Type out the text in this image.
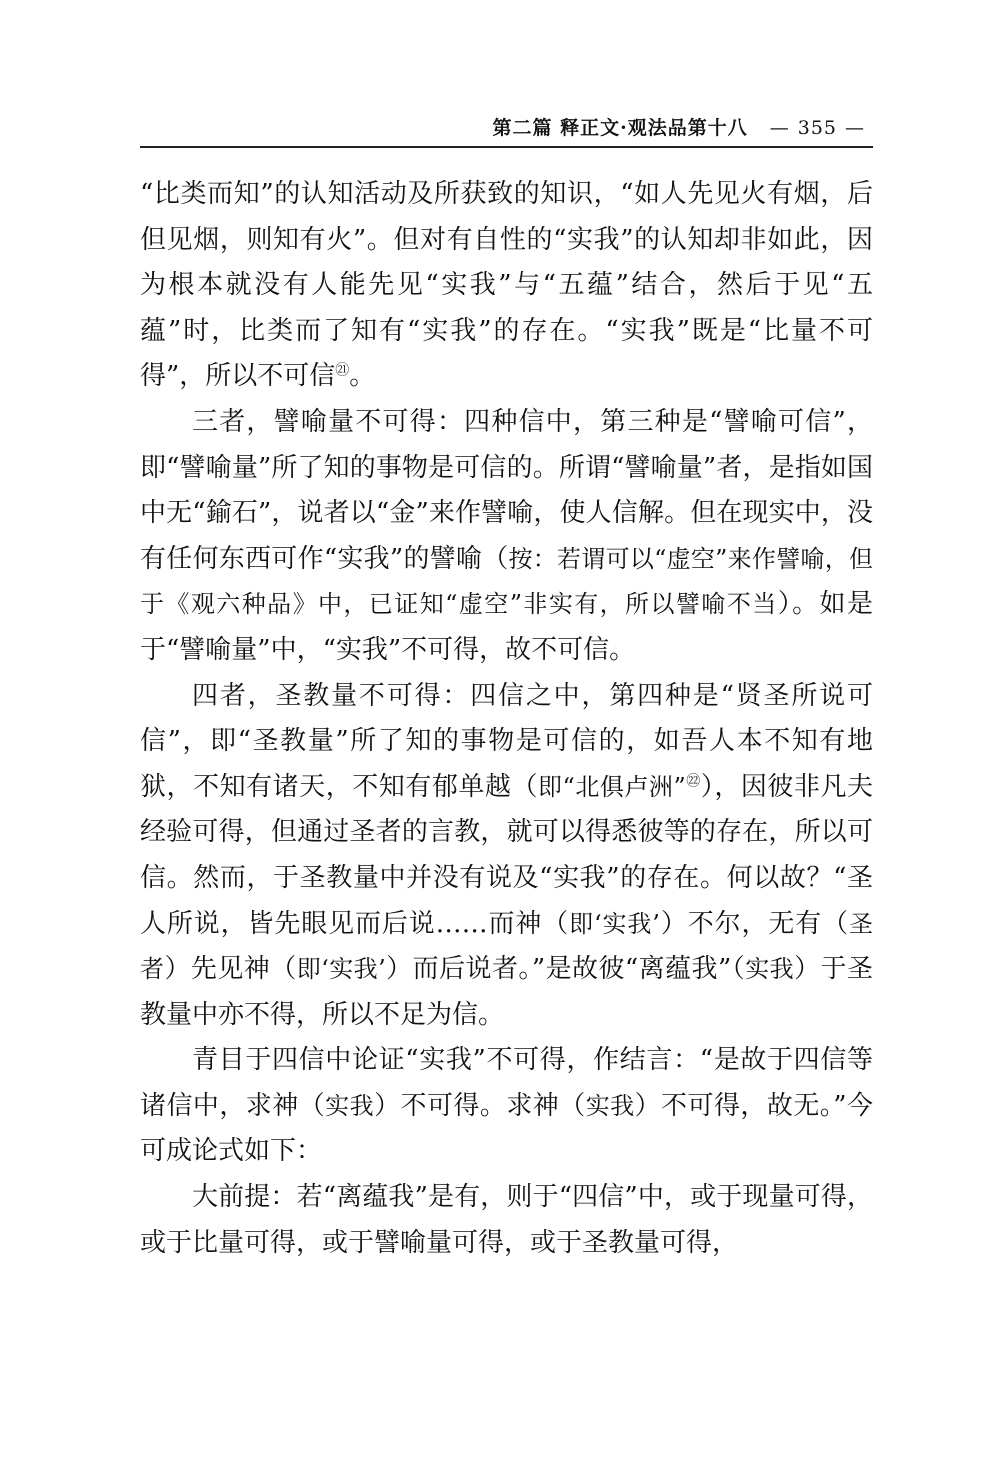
第二篇 释正文·观法品第十八 — 355 —

“比类而知”的认知活动及所获致的知识，“如人先见火有烟，后但见烟，则知有火”。但对有自性的“实我”的认知却非如此，因为根本就没有人能先见“实我”与“五蕴”结合，然后于见“五蕴”时，比类而了知有“实我”的存在。“实我”既是“比量不可得”，所以不可信$^㉑$。

三者，譬喻量不可得：四种信中，第三种是“譬喻可信”，即“譬喻量”所了知的事物是可信的。所谓“譬喻量”者，是指如国中无“鍮石”，说者以“金”来作譬喻，使人信解。但在现实中，没有任何东西可作“实我”的譬喻（按：若谓可以“虚空”来作譬喻，但于《观六种品》中，已证知“虚空”非实有，所以譬喻不当）。如是于“譬喻量”中，“实我”不可得，故不可信。

四者，圣教量不可得：四信之中，第四种是“贤圣所说可信”，即“圣教量”所了知的事物是可信的，如吾人本不知有地狱，不知有诸天，不知有郁单越（即“北俱卢洲”$^㉒$），因彼非凡夫经验可得，但通过圣者的言教，就可以得悉彼等的存在，所以可信。然而，于圣教量中并没有说及“实我”的存在。何以故？“圣人所说，皆先眼见而后说……而神（即‘实我’）不尔，无有（圣者）先见神（即‘实我’）而后说者。”是故彼“离蕴我”（实我）于圣教量中亦不得，所以不足为信。

青目于四信中论证“实我”不可得，作结言：“是故于四信等诸信中，求神（实我）不可得。求神（实我）不可得，故无。”今可成论式如下：

大前提：若“离蕴我”是有，则于“四信”中，或于现量可得，或于比量可得，或于譬喻量可得，或于圣教量可得，
